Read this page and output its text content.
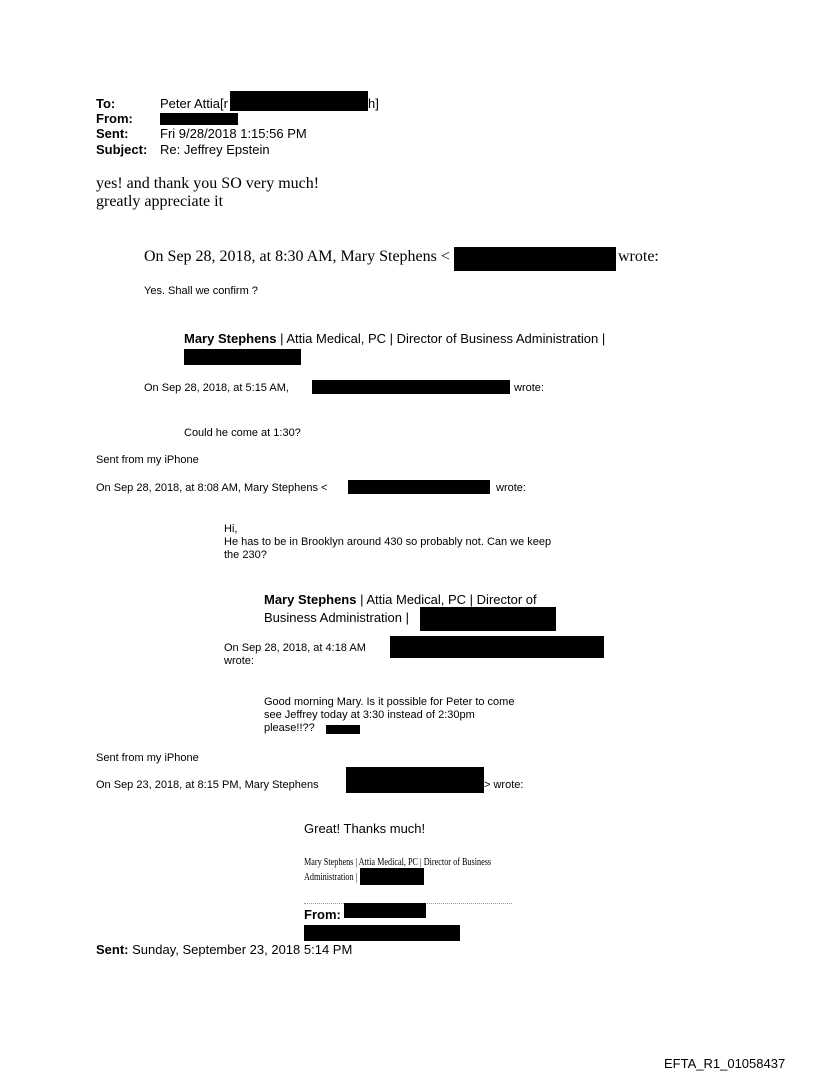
To:	Peter Attia[r	h]
From:
Sent: Fri 9/28/2018 1:15:56 PM
Subject: Re: Jeffrey Epstein
yes! and thank you SO very much!
greatly appreciate it
On Sep 28, 2018, at 8:30 AM, Mary Stephens <	wrote:
Yes. Shall we confirm ?
Mary Stephens | Attia Medical, PC | Director of Business Administration |
On Sep 28, 2018, at 5:15 AM,	wrote:
Could he come at 1:30?
Sent from my iPhone
On Sep 28, 2018, at 8:08 AM, Mary Stephens <	wrote:
Hi,
He has to be in Brooklyn around 430 so probably not. Can we keep
the 230?
Mary Stephens | Attia Medical, PC | Director of
Business Administration |
On Sep 28, 2018, at 4:18 AM
wrote:
Good morning Mary. Is it possible for Peter to come
see Jeffrey today at 3:30 instead of 2:30pm
please!!??
Sent from my iPhone
On Sep 23, 2018, at 8:15 PM, Mary Stephens	> wrote:
Great! Thanks much!
Mary Stephens | Attia Medical, PC | Director of Business
Administration |
From:
Sent: Sunday, September 23, 2018 5:14 PM
EFTA_R1_01058437
